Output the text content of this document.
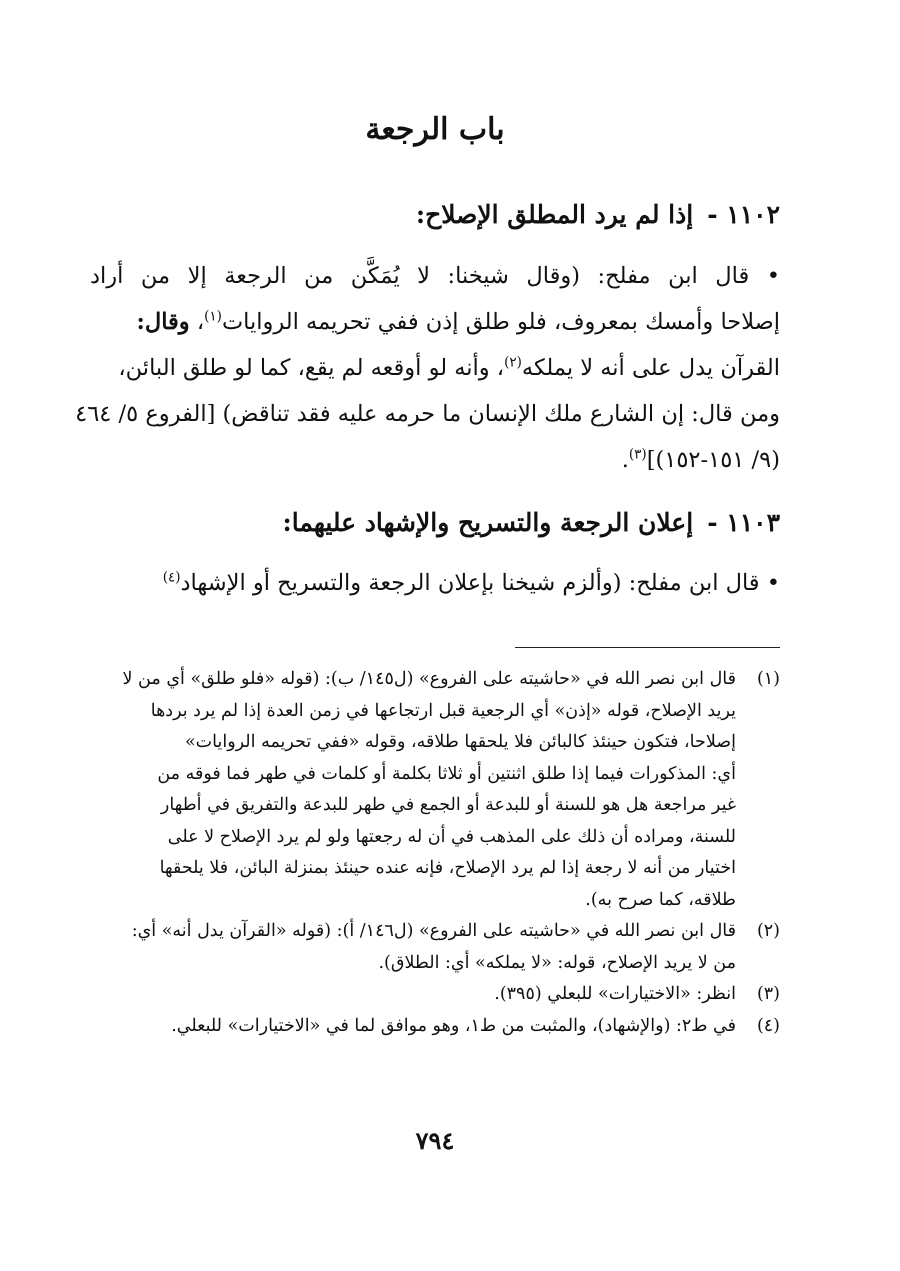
باب الرجعة
١١٠٢ -إذا لم يرد المطلق الإصلاح:
• قال ابن مفلح: (وقال شيخنا: لا يُمَكَّن من الرجعة إلا من أراد
إصلاحا وأمسك بمعروف، فلو طلق إذن ففي تحريمه الروايات$^{(١)}$، وقال:
القرآن يدل على أنه لا يملكه$^{(٢)}$، وأنه لو أوقعه لم يقع، كما لو طلق البائن،
ومن قال: إن الشارع ملك الإنسان ما حرمه عليه فقد تناقض) [الفروع ٥/ ٤٦٤
(٩/ ١٥١-١٥٢)]$^{(٣)}$.
١١٠٣ -إعلان الرجعة والتسريح والإشهاد عليهما:
• قال ابن مفلح: (وألزم شيخنا بإعلان الرجعة والتسريح أو الإشهاد$^{(٤)}$
(١)
قال ابن نصر الله في «حاشيته على الفروع» (ل١٤٥/ ب): (قوله «فلو طلق» أي من لا
يريد الإصلاح، قوله «إذن» أي الرجعية قبل ارتجاعها في زمن العدة إذا لم يرد بردها
إصلاحا، فتكون حينئذ كالبائن فلا يلحقها طلاقه، وقوله «ففي تحريمه الروايات»
أي: المذكورات فيما إذا طلق اثنتين أو ثلاثا بكلمة أو كلمات في طهر فما فوقه من
غير مراجعة هل هو للسنة أو للبدعة أو الجمع في طهر للبدعة والتفريق في أطهار
للسنة، ومراده أن ذلك على المذهب في أن له رجعتها ولو لم يرد الإصلاح لا على
اختيار من أنه لا رجعة إذا لم يرد الإصلاح، فإنه عنده حينئذ بمنزلة البائن، فلا يلحقها
طلاقه، كما صرح به).
(٢)
قال ابن نصر الله في «حاشيته على الفروع» (ل١٤٦/ أ): (قوله «القرآن يدل أنه» أي:
من لا يريد الإصلاح، قوله: «لا يملكه» أي: الطلاق).
(٣)
انظر: «الاختيارات» للبعلي (٣٩٥).
(٤)
في ط٢: (والإشهاد)، والمثبت من ط١، وهو موافق لما في «الاختيارات» للبعلي.
٧٩٤
